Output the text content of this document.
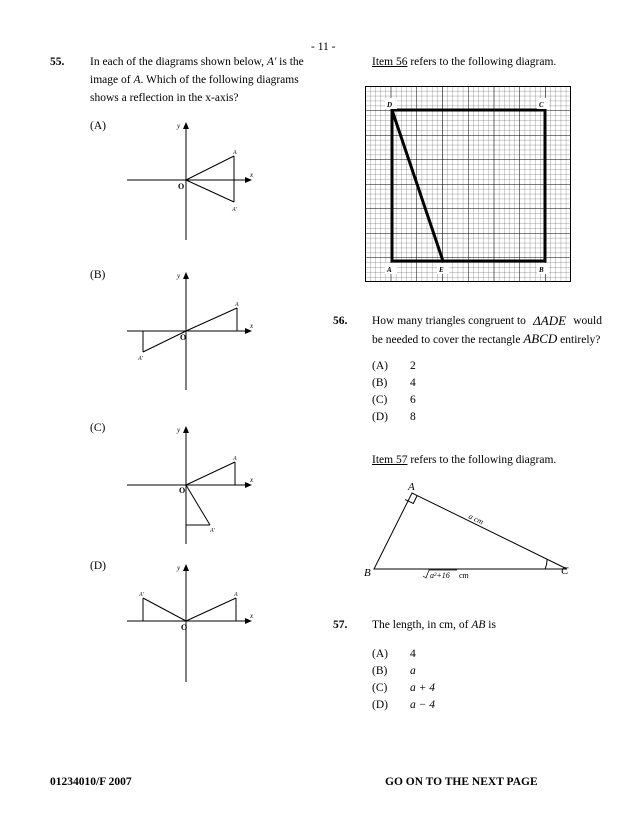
- 11 -
55. In each of the diagrams shown below, A' is the
image of A. Which of the following diagrams
shows a reflection in the x-axis?
(A)
(B)
(C)
(D)
y
x
O
A
A'
y
x
O
A
A'
y
x
O
A
A'
y
x
O
A
A'
Item 56 refers to the following diagram.
D	C
A	E	B
56. How many triangles congruent to ΔADE would
be needed to cover the rectangle ABCD entirely?
(A) 2
(B) 4
(C) 6
(D) 8
Item 57 refers to the following diagram.
A
B	C
a cm
a²+16 cm
57. The length, in cm, of AB is
(A) 4
(B) a
(C) a + 4
(D) a − 4
01234010/F 2007	GO ON TO THE NEXT PAGE
